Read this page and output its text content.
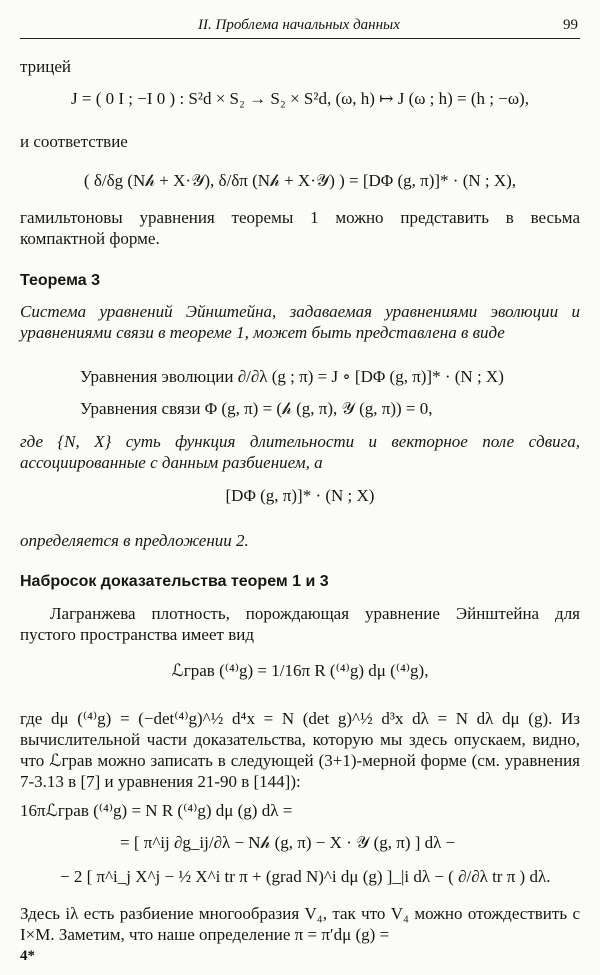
II. Проблема начальных данных	99
трицей
J = ( 0 I ; −I 0 ) : S²d × S₂ → S₂ × S²d, (ω, h) ↦ J (ω ; h) = (h ; −ω),
и соответствие
( δ/δg (N𝒽 + X·𝒴), δ/δπ (N𝒽 + X·𝒴) ) = [DΦ (g, π)]* · (N ; X),
гамильтоновы уравнения теоремы 1 можно представить в весьма компактной форме.
Теорема 3
Система уравнений Эйнштейна, задаваемая уравнениями эволюции и уравнениями связи в теореме 1, может быть представлена в виде
Уравнения эволюции ∂/∂λ (g ; π) = J ∘ [DΦ (g, π)]* · (N ; X)
Уравнения связи Φ (g, π) = (𝒽 (g, π), 𝒴 (g, π)) = 0,
где {N, X} суть функция длительности и векторное поле сдвига, ассоциированные с данным разбиением, а
[DΦ (g, π)]* · (N ; X)
определяется в предложении 2.
Набросок доказательства теорем 1 и 3
Лагранжева плотность, порождающая уравнение Эйнштейна для пустого пространства имеет вид
ℒграв (⁽⁴⁾g) = 1/16π R (⁽⁴⁾g) dμ (⁽⁴⁾g),
где dμ (⁽⁴⁾g) = (−det⁽⁴⁾g)^½ d⁴x = N (det g)^½ d³x dλ = N dλ dμ (g). Из вычислительной части доказательства, которую мы здесь опускаем, видно, что ℒграв можно записать в следующей (3+1)-мерной форме (см. уравнения 7-3.13 в [7] и уравнения 21-90 в [144]):
16πℒграв (⁽⁴⁾g) = N R (⁽⁴⁾g) dμ (g) dλ =
= [ π^ij ∂g_ij/∂λ − N𝒽 (g, π) − X · 𝒴 (g, π) ] dλ −
− 2 [ π^i_j X^j − ½ X^i tr π + (grad N)^i dμ (g) ]_|i dλ − ( ∂/∂λ tr π ) dλ.
Здесь iλ есть разбиение многообразия V₄, так что V₄ можно отождествить с I×M. Заметим, что наше определение π = π′dμ (g) =
4*
